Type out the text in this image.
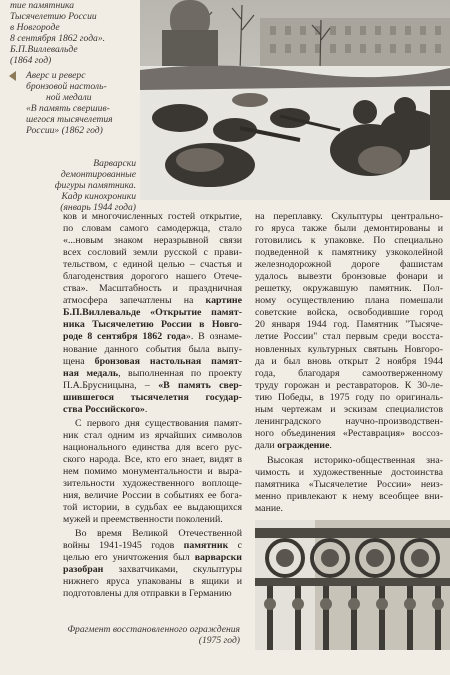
тие памятника
Тысячелетию России
в Новгороде
8 сентября 1862 года».
Б.П.Виллевальде
(1864 год)
Аверс и реверс
бронзовой настоль-
ной медали
«В память свершив-
шегося тысячелетия
России» (1862 год)
Варварски
демонтированные
фигуры памятника.
Кадр кинохроники
(январь 1944 года)

ков и многочисленных гостей открытие,
по словам самого самодержца, стало
«...новым знаком неразрывной связи
всех сословий земли русской с прави-
тельством, с единой целью – счастья и
благоденствия дорогого нашего Отече-
ства». Масштабность и праздничная
атмосфера запечатлены на картине
Б.П.Виллевальде «Открытие памят-
ника Тысячелетию России в Новго-
роде 8 сентября 1862 года». В ознаме-
нование данного события была выпу-
щена бронзовая настольная памят-
ная медаль, выполненная по проекту
П.А.Брусницына, – «В память свер-
шившегося тысячелетия государ-
ства Российского».

С первого дня существования памят-
ник стал одним из ярчайших символов
национального единства для всего рус-
ского народа. Все, кто его знает, видят в
нем помимо монументальности и выра-
зительности художественного воплоще-
ния, величие России в событиях ее бога-
той истории, в судьбах ее выдающихся
мужей и преемственности поколений.

Во время Великой Отечественной
войны 1941-1945 годов памятник с
целью его уничтожения был варварски
разобран захватчиками, скульптуры
нижнего яруса упакованы в ящики и
подготовлены для отправки в Германию

на переплавку. Скульптуры центрально-
го яруса также были демонтированы и
готовились к упаковке. По специально
подведенной к памятнику узкоколейной
железнодорожной дороге фашистам
удалось вывезти бронзовые фонари и
решетку, окружавшую памятник. Пол-
ному осуществлению плана помешали
советские войска, освободившие город
20 января 1944 год. Памятник "Тысяче-
летие России" стал первым среди восста-
новленных культурных святынь Новгоро-
да и был вновь открыт 2 ноября 1944
года, благодаря самоотверженному
труду горожан и реставраторов. К 30-ле-
тию Победы, в 1975 году по оригиналь-
ным чертежам и эскизам специалистов
ленинградского научно-производствен-
ного объединения «Реставрация» воссоз-
дали ограждение.

Высокая историко-общественная зна-
чимость и художественные достоинства
памятника «Тысячелетие России» неиз-
менно привлекают к нему всеобщее вни-
мание.

Фрагмент восстановленного ограждения
(1975 год)
